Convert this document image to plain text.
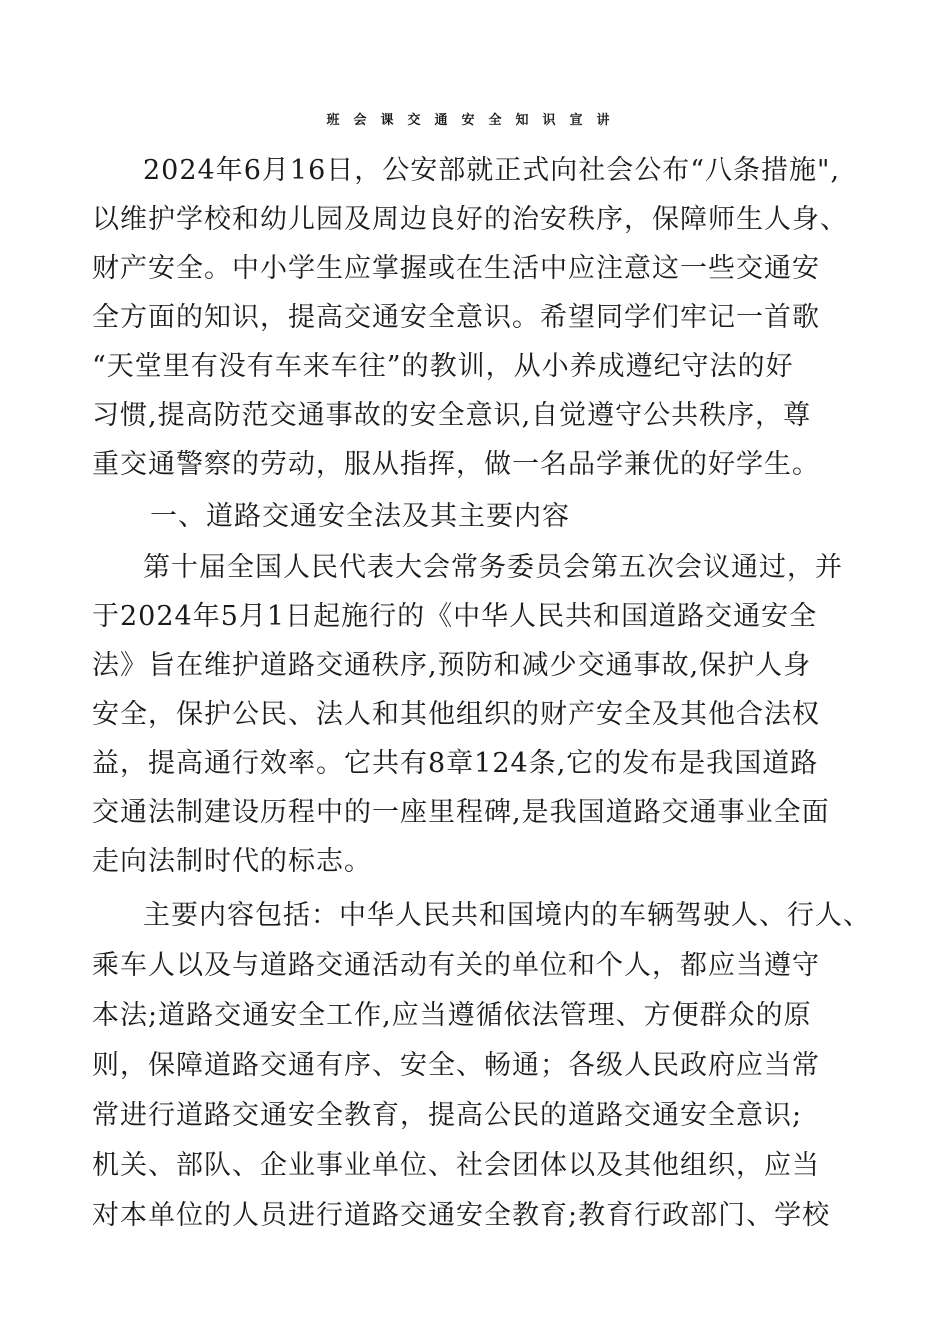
班会课交通安全知识宣讲
2024年6月16日，公安部就正式向社会公布“八条措施",
以维护学校和幼儿园及周边良好的治安秩序，保障师生人身、
财产安全。中小学生应掌握或在生活中应注意这一些交通安
全方面的知识，提高交通安全意识。希望同学们牢记一首歌
“天堂里有没有车来车往”的教训，从小养成遵纪守法的好
习惯,提高防范交通事故的安全意识,自觉遵守公共秩序，尊
重交通警察的劳动，服从指挥，做一名品学兼优的好学生。
一、道路交通安全法及其主要内容
第十届全国人民代表大会常务委员会第五次会议通过，并
于2024年5月1日起施行的《中华人民共和国道路交通安全
法》旨在维护道路交通秩序,预防和减少交通事故,保护人身
安全，保护公民、法人和其他组织的财产安全及其他合法权
益，提高通行效率。它共有8章124条,它的发布是我国道路
交通法制建设历程中的一座里程碑,是我国道路交通事业全面
走向法制时代的标志。
主要内容包括：中华人民共和国境内的车辆驾驶人、行人、
乘车人以及与道路交通活动有关的单位和个人，都应当遵守
本法;道路交通安全工作,应当遵循依法管理、方便群众的原
则，保障道路交通有序、安全、畅通；各级人民政府应当常
常进行道路交通安全教育，提高公民的道路交通安全意识;
机关、部队、企业事业单位、社会团体以及其他组织，应当
对本单位的人员进行道路交通安全教育;教育行政部门、学校
